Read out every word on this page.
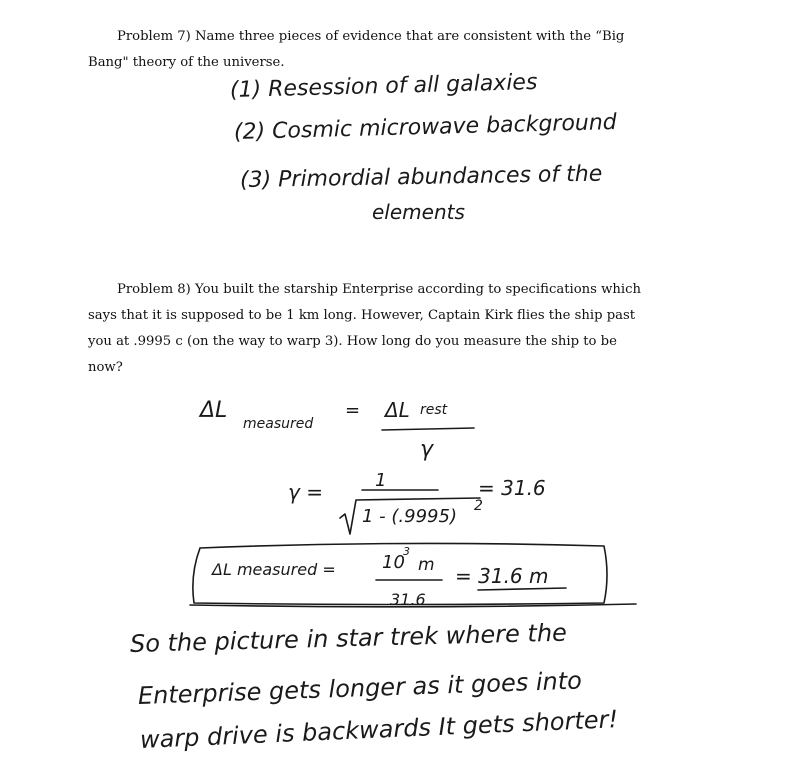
Problem 7) Name three pieces of evidence that are consistent with the “Big

Bang" theory of the universe.

(1) Resession of all galaxies

(2) Cosmic microwave background

(3) Primordial abundances of the

elements

Problem 8) You built the starship Enterprise according to specifications which

says that it is supposed to be 1 km long. However, Captain Kirk flies the ship past

you at .9995 c (on the way to warp 3). How long do you measure the ship to be

now?

ΔL

measured

= ΔL rest

γ

γ =	1

1 - (.9995) 2

= 31.6

ΔL measured =	10

3

m

31.6

= 31.6 m

So the picture in star trek where the

Enterprise gets longer as it goes into

warp drive is backwards It gets shorter!
